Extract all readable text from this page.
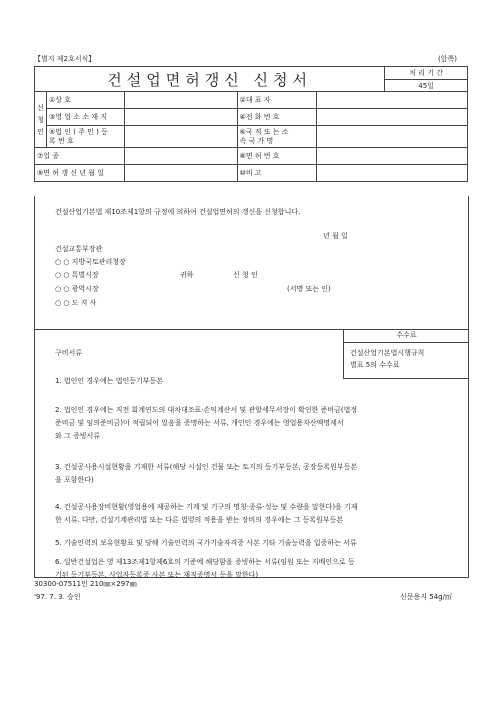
【별지 제2호서식】	(앞쪽)
건설업면허갱신 신청서					처 리 기 간
					45일
신
청
인	①상 호		②대 표 자		
	③영 업 소 소 재 지		④전 화 번 호		
	⑤법 인 ( 주 민 ) 등
록 번 호		⑥국 적 또 는 소
속 국 가 명		
⑦업 종			⑧면 허 번 호		
⑨면 허 갱 신 년 월 일			⑩비 고		
건설산업기본법 제10조제1항의 규정에 의하여 건설업면허의 갱신을 신청합니다.
년 월 일
건설교통부장관
○ ○ 지방국토관리청장
○ ○ 특별시장
○ ○ 광역시장
○ ○ 도 지 사
귀하	신 청 인
(서명 또는 인)
수수료
건설산업기본법시행규칙
별표 5의 수수료
구비서류
1. 법인인 경우에는 법인등기부등본
2. 법인인 경우에는 직전 회계연도의 대차대조표·손익계산서 및 관할세무서장이 확인한 준비금(법정
준비금 및 임의준비금)이 적립되어 있음을 증명하는 서류, 개인인 경우에는 영업용자산액명세서
와 그 증빙서류
3. 건설공사용시설현황을 기재한 서류(해당 시설인 건물 또는 토지의 등기부등본, 공장등록원부등본
을 포함한다)
4. 건설공사용장비현황(영업용에 제공하는 기계 및 기구의 명칭·종류·성능 및 수량을 말한다)을 기재
한 서류. 다만, 건설기계관리법 또는 다른 법령의 적용을 받는 장비의 경우에는 그 등록원부등본
5. 기술인력의 보유현황표 및 당해 기술인력의 국가기술자격증 사본 기타 기술능력을 입증하는 서류
6. 일반건설업은 영 제13조제1항제6호의 기준에 해당함을 증빙하는 서류(임원 또는 지배인으로 등
기된 등기부등본, 사업자등록증 사본 또는 재직증명서 등을 말한다)
30300-07511민 210㎜×297㎜
'97. 7. 3. 승인	신문용지 54g/㎡
